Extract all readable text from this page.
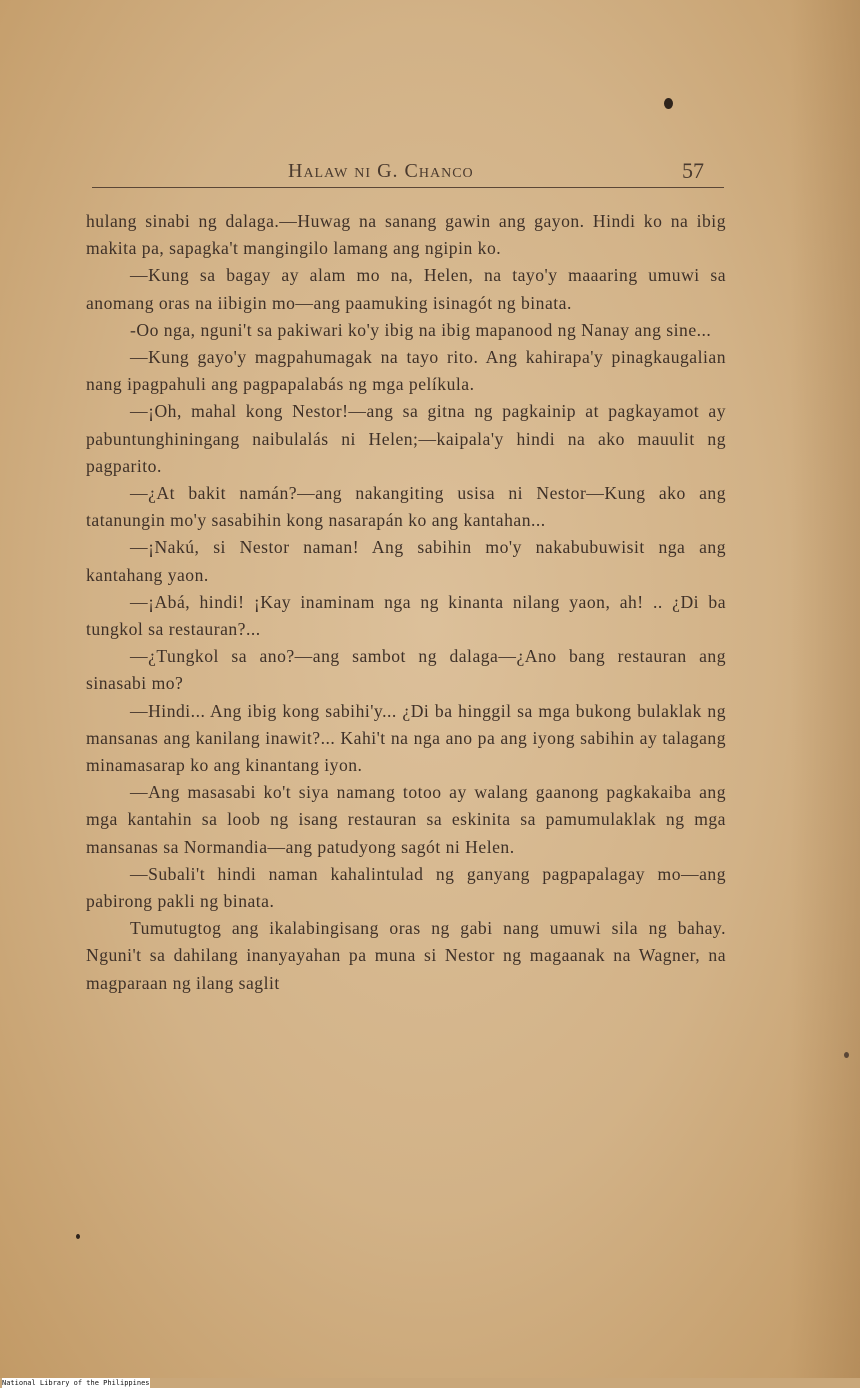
Halaw ni G. Chanco	57

hulang sinabi ng dalaga.—Huwag na sanang gawin ang gayon. Hindi ko na ibig makita pa, sapagka't mangingilo lamang ang ngipin ko.

—Kung sa bagay ay alam mo na, Helen, na tayo'y maaaring umuwi sa anomang oras na iibigin mo—ang paamuking isinagót ng binata.

-Oo nga, nguni't sa pakiwari ko'y ibig na ibig mapanood ng Nanay ang sine...

—Kung gayo'y magpahumagak na tayo rito. Ang kahirapa'y pinagkaugalian nang ipagpahuli ang pagpapalabás ng mga pelíkula.

—¡Oh, mahal kong Nestor!—ang sa gitna ng pagkainip at pagkayamot ay pabuntunghiningang naibulalás ni Helen;—kaipala'y hindi na ako mauulit ng pagparito.

—¿At bakit namán?—ang nakangiting usisa ni Nestor—Kung ako ang tatanungin mo'y sasabihin kong nasarapán ko ang kantahan...

—¡Nakú, si Nestor naman! Ang sabihin mo'y nakabubuwisit nga ang kantahang yaon.

—¡Abá, hindi! ¡Kay inaminam nga ng kinanta nilang yaon, ah! .. ¿Di ba tungkol sa restauran?...

—¿Tungkol sa ano?—ang sambot ng dalaga—¿Ano bang restauran ang sinasabi mo?

—Hindi... Ang ibig kong sabihi'y... ¿Di ba hinggil sa mga bukong bulaklak ng mansanas ang kanilang inawit?... Kahi't na nga ano pa ang iyong sabihin ay talagang minamasarap ko ang kinantang iyon.

—Ang masasabi ko't siya namang totoo ay walang gaanong pagkakaiba ang mga kantahin sa loob ng isang restauran sa eskinita sa pamumulaklak ng mga mansanas sa Normandia—ang patudyong sagót ni Helen.

—Subali't hindi naman kahalintulad ng ganyang pagpapalagay mo—ang pabirong pakli ng binata.

Tumutugtog ang ikalabingisang oras ng gabi nang umuwi sila ng bahay. Nguni't sa dahilang inanyayahan pa muna si Nestor ng magaanak na Wagner, na magparaan ng ilang saglit

National Library of the Philippines
